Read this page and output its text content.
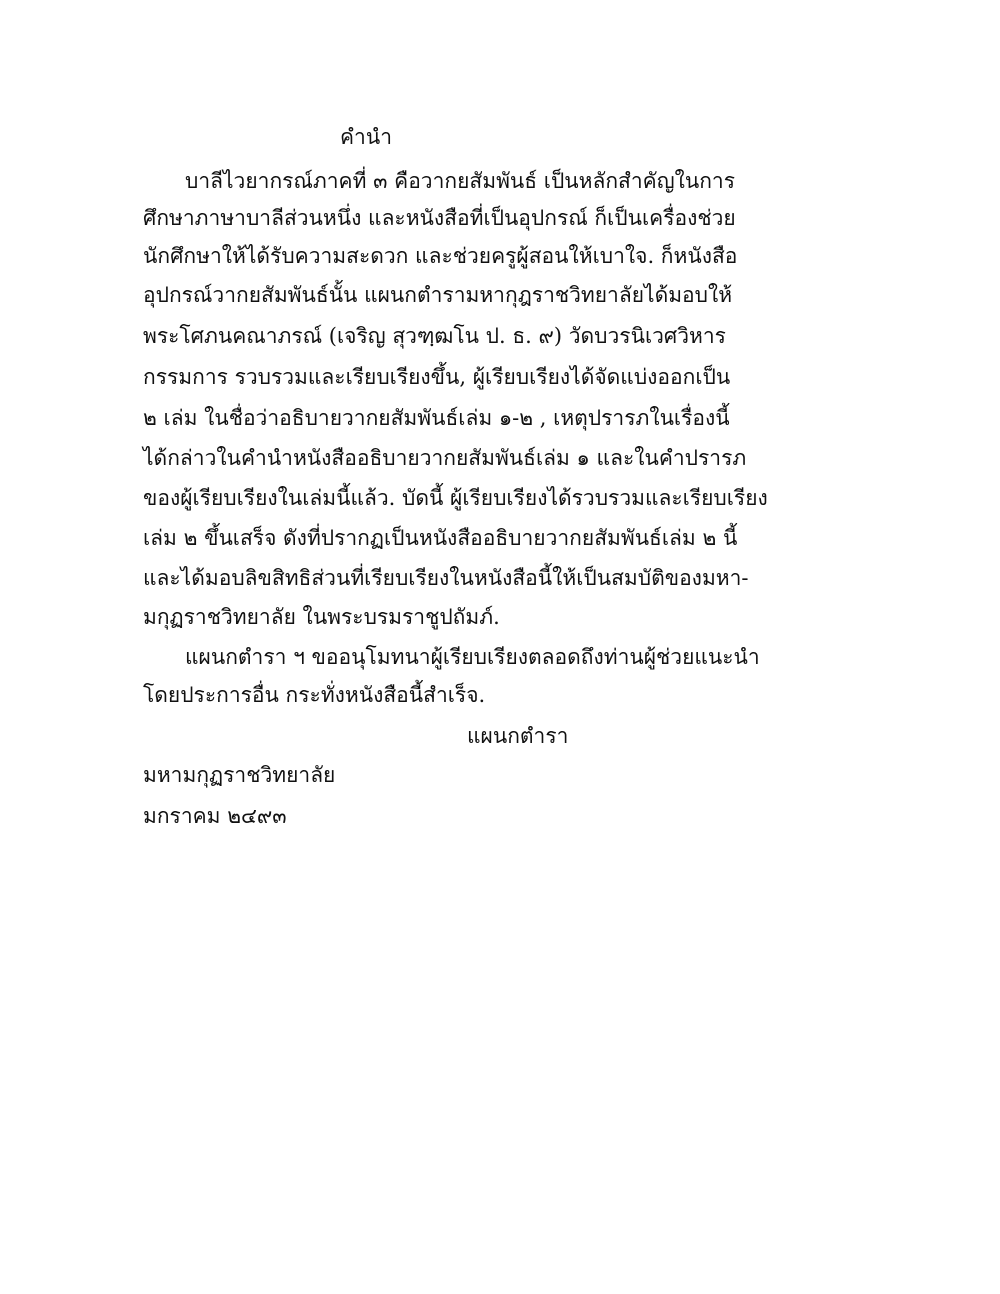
คำนำ
บาลีไวยากรณ์ภาคที่ ๓ คือวากยสัมพันธ์ เป็นหลักสำคัญในการ
ศึกษาภาษาบาลีส่วนหนึ่ง และหนังสือที่เป็นอุปกรณ์ ก็เป็นเครื่องช่วย
นักศึกษาให้ได้รับความสะดวก และช่วยครูผู้สอนให้เบาใจ. ก็หนังสือ
อุปกรณ์วากยสัมพันธ์นั้น แผนกตำรามหากุฎราชวิทยาลัยได้มอบให้
พระโศภนคณาภรณ์ (เจริญ สุวฑฺฒโน ป. ธ. ๙) วัดบวรนิเวศวิหาร
กรรมการ รวบรวมและเรียบเรียงขึ้น, ผู้เรียบเรียงได้จัดแบ่งออกเป็น
๒ เล่ม ในชื่อว่าอธิบายวากยสัมพันธ์เล่ม ๑-๒ , เหตุปรารภในเรื่องนี้
ได้กล่าวในคำนำหนังสืออธิบายวากยสัมพันธ์เล่ม ๑ และในคำปรารภ
ของผู้เรียบเรียงในเล่มนี้แล้ว. บัดนี้ ผู้เรียบเรียงได้รวบรวมและเรียบเรียง
เล่ม ๒ ขึ้นเสร็จ ดังที่ปรากฏเป็นหนังสืออธิบายวากยสัมพันธ์เล่ม ๒ นี้
และได้มอบลิขสิทธิส่วนที่เรียบเรียงในหนังสือนี้ให้เป็นสมบัติของมหา-
มกุฏราชวิทยาลัย ในพระบรมราชูปถัมภ์.
แผนกตำรา ฯ ขออนุโมทนาผู้เรียบเรียงตลอดถึงท่านผู้ช่วยแนะนำ
โดยประการอื่น กระทั่งหนังสือนี้สำเร็จ.
แผนกตำรา
มหามกุฏราชวิทยาลัย
มกราคม ๒๔๙๓
